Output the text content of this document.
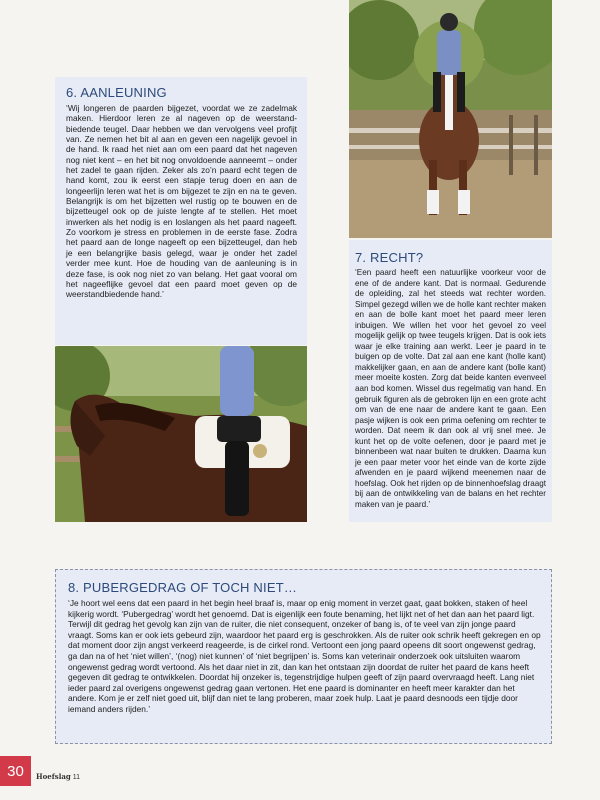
6. AANLEUNING

‘Wij longeren de paarden bijgezet, voordat we ze zadelmak maken. Hierdoor leren ze al nageven op de weerstand-biedende teugel. Daar hebben we dan vervolgens veel profijt van. Ze nemen het bit al aan en geven een nagelijk gevoel in de hand. Ik raad het niet aan om een paard dat het nageven nog niet kent – en het bit nog onvoldoende aanneemt – onder het zadel te gaan rijden. Zeker als zo’n paard echt tegen de hand komt, zou ik eerst een stapje terug doen en aan de longeerlijn leren wat het is om bijgezet te zijn en na te geven. Belangrijk is om het bijzetten wel rustig op te bouwen en de bijzetteugel ook op de juiste lengte af te stellen. Het moet inwerken als het nodig is en loslangen als het paard nageeft. Zo voorkom je stress en problemen in de eerste fase. Zodra het paard aan de longe nageeft op een bijzetteugel, dan heb je een belangrijke basis gelegd, waar je onder het zadel verder mee kunt. Hoe de houding van de aanleuning is in deze fase, is ook nog niet zo van belang. Het gaat vooral om het nageeflijke gevoel dat een paard moet geven op de weerstandbiedende hand.’

7. RECHT?

‘Een paard heeft een natuurlijke voorkeur voor de ene of de andere kant. Dat is normaal. Gedurende de opleiding, zal het steeds wat rechter worden. Simpel gezegd willen we de holle kant rechter maken en aan de bolle kant moet het paard meer leren inbuigen. We willen het voor het gevoel zo veel mogelijk gelijk op twee teugels krijgen. Dat is ook iets waar je elke training aan werkt. Leer je paard in te buigen op de volte. Dat zal aan ene kant (holle kant) makkelijker gaan, en aan de andere kant (bolle kant) meer moeite kosten. Zorg dat beide kanten evenveel aan bod komen. Wissel dus regelmatig van hand. En gebruik figuren als de gebroken lijn en een grote acht om van de ene naar de andere kant te gaan. Een pasje wijken is ook een prima oefening om rechter te worden. Dat neem ik dan ook al vrij snel mee. Je kunt het op de volte oefenen, door je paard met je binnenbeen wat naar buiten te drukken. Daarna kun je een paar meter voor het einde van de korte zijde afwenden en je paard wijkend meenemen naar de hoefslag. Ook het rijden op de binnenhoefslag draagt bij aan de ontwikkeling van de balans en het rechter maken van je paard.’

8. PUBERGEDRAG OF TOCH NIET…

‘Je hoort wel eens dat een paard in het begin heel braaf is, maar op enig moment in verzet gaat, gaat bokken, staken of heel kijkerig wordt. ‘Pubergedrag’ wordt het genoemd. Dat is eigenlijk een foute benaming, het lijkt net of het dan aan het paard ligt. Terwijl dit gedrag het gevolg kan zijn van de ruiter, die niet consequent, onzeker of bang is, of te veel van zijn jonge paard vraagt. Soms kan er ook iets gebeurd zijn, waardoor het paard erg is geschrokken. Als de ruiter ook schrik heeft gekregen en op dat moment door zijn angst verkeerd reageerde, is de cirkel rond. Vertoont een jong paard opeens dit soort ongewenst gedrag, ga dan na of het ‘niet willen’, ‘(nog) niet kunnen’ of ‘niet begrijpen’ is. Soms kan veterinair onderzoek ook uitsluiten waarom ongewenst gedrag wordt vertoond. Als het daar niet in zit, dan kan het ontstaan zijn doordat de ruiter het paard de kans heeft gegeven dit gedrag te ontwikkelen. Doordat hij onzeker is, tegenstrijdige hulpen geeft of zijn paard overvraagd heeft. Lang niet ieder paard zal overigens ongewenst gedrag gaan vertonen. Het ene paard is dominanter en heeft meer karakter dan het andere. Kom je er zelf niet goed uit, blijf dan niet te lang proberen, maar zoek hulp. Laat je paard desnoods een tijdje door iemand anders rijden.’

30	Hoefslag 11
